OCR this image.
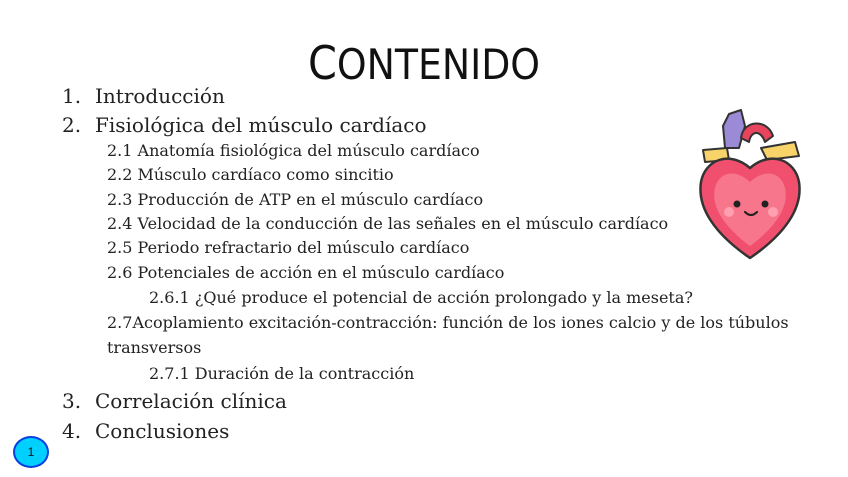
CONTENIDO
1. Introducción
2. Fisiológica del músculo cardíaco
2.1 Anatomía fisiológica del músculo cardíaco
2.2 Músculo cardíaco como sincitio
2.3 Producción de ATP en el músculo cardíaco
2.4 Velocidad de la conducción de las señales en el músculo cardíaco
2.5 Periodo refractario del músculo cardíaco
2.6 Potenciales de acción en el músculo cardíaco
2.6.1 ¿Qué produce el potencial de acción prolongado y la meseta?
2.7Acoplamiento excitación-contracción: función de los iones calcio y de los túbulos transversos
2.7.1 Duración de la contracción
3. Correlación clínica
4. Conclusiones
1
